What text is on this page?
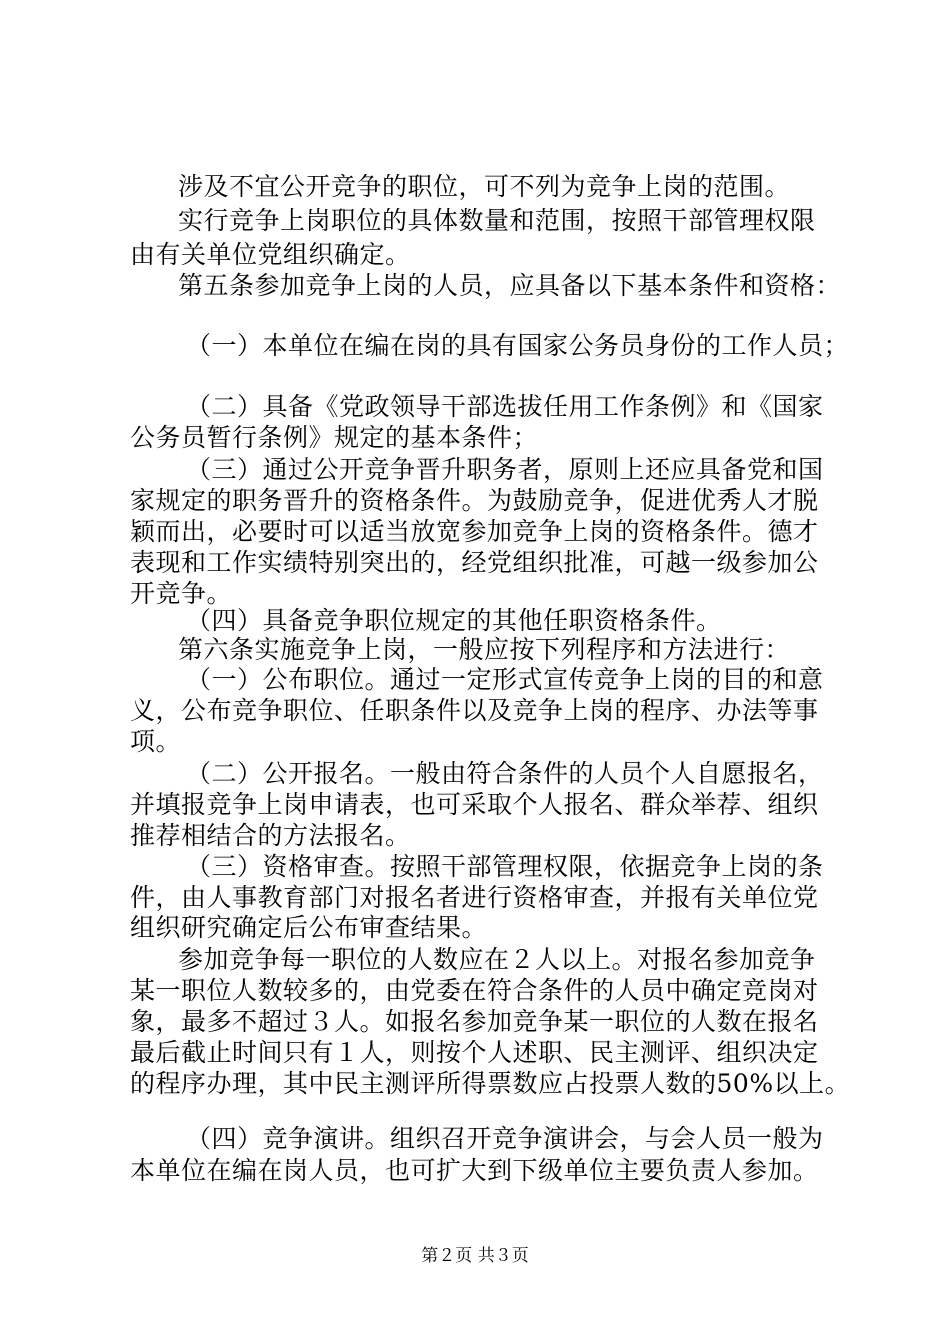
涉及不宜公开竞争的职位，可不列为竞争上岗的范围。
实行竞争上岗职位的具体数量和范围，按照干部管理权限
由有关单位党组织确定。
第五条参加竞争上岗的人员，应具备以下基本条件和资格：
（一）本单位在编在岗的具有国家公务员身份的工作人员；
（二）具备《党政领导干部选拔任用工作条例》和《国家
公务员暂行条例》规定的基本条件；
（三）通过公开竞争晋升职务者，原则上还应具备党和国
家规定的职务晋升的资格条件。为鼓励竞争，促进优秀人才脱
颖而出，必要时可以适当放宽参加竞争上岗的资格条件。德才
表现和工作实绩特别突出的，经党组织批准，可越一级参加公
开竞争。
（四）具备竞争职位规定的其他任职资格条件。
第六条实施竞争上岗，一般应按下列程序和方法进行：
（一）公布职位。通过一定形式宣传竞争上岗的目的和意
义，公布竞争职位、任职条件以及竞争上岗的程序、办法等事
项。
（二）公开报名。一般由符合条件的人员个人自愿报名，
并填报竞争上岗申请表，也可采取个人报名、群众举荐、组织
推荐相结合的方法报名。
（三）资格审查。按照干部管理权限，依据竞争上岗的条
件，由人事教育部门对报名者进行资格审查，并报有关单位党
组织研究确定后公布审查结果。
参加竞争每一职位的人数应在２人以上。对报名参加竞争
某一职位人数较多的，由党委在符合条件的人员中确定竞岗对
象，最多不超过３人。如报名参加竞争某一职位的人数在报名
最后截止时间只有１人，则按个人述职、民主测评、组织决定
的程序办理，其中民主测评所得票数应占投票人数的50%以上。
（四）竞争演讲。组织召开竞争演讲会，与会人员一般为
本单位在编在岗人员，也可扩大到下级单位主要负责人参加。
第２页 共３页
